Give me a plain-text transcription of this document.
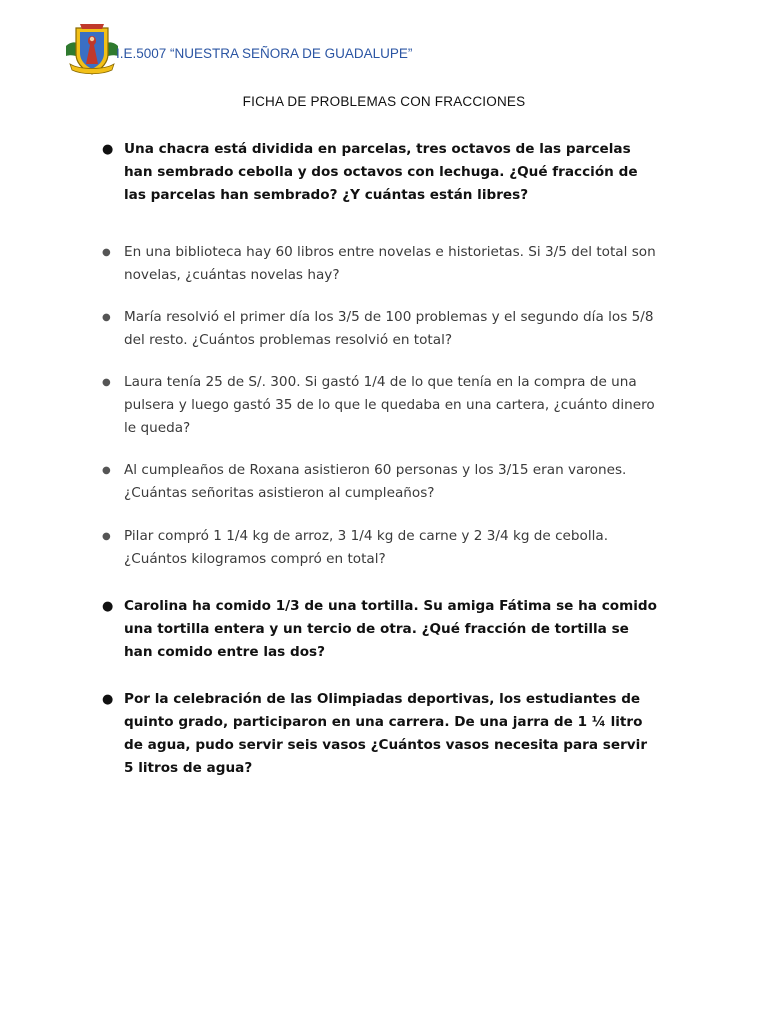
I.E.5007 “NUESTRA SEÑORA DE GUADALUPE”
FICHA DE PROBLEMAS CON FRACCIONES
● Una chacra está dividida en parcelas, tres octavos de las parcelas han sembrado cebolla y dos octavos con lechuga. ¿Qué fracción de las parcelas han sembrado? ¿Y cuántas están libres?
● En una biblioteca hay 60 libros entre novelas e historietas. Si 3/5 del total son novelas, ¿cuántas novelas hay?
● María resolvió el primer día los 3/5 de 100 problemas y el segundo día los 5/8 del resto. ¿Cuántos problemas resolvió en total?
● Laura tenía 25 de S/. 300. Si gastó 1/4 de lo que tenía en la compra de una pulsera y luego gastó 35 de lo que le quedaba en una cartera, ¿cuánto dinero le queda?
● Al cumpleaños de Roxana asistieron 60 personas y los 3/15 eran varones. ¿Cuántas señoritas asistieron al cumpleaños?
● Pilar compró 1 1/4 kg de arroz, 3 1/4 kg de carne y 2 3/4 kg de cebolla. ¿Cuántos kilogramos compró en total?
● Carolina ha comido 1/3 de una tortilla. Su amiga Fátima se ha comido una tortilla entera y un tercio de otra. ¿Qué fracción de tortilla se han comido entre las dos?
● Por la celebración de las Olimpiadas deportivas, los estudiantes de quinto grado, participaron en una carrera. De una jarra de 1 ¼ litro de agua, pudo servir seis vasos ¿Cuántos vasos necesita para servir 5 litros de agua?
